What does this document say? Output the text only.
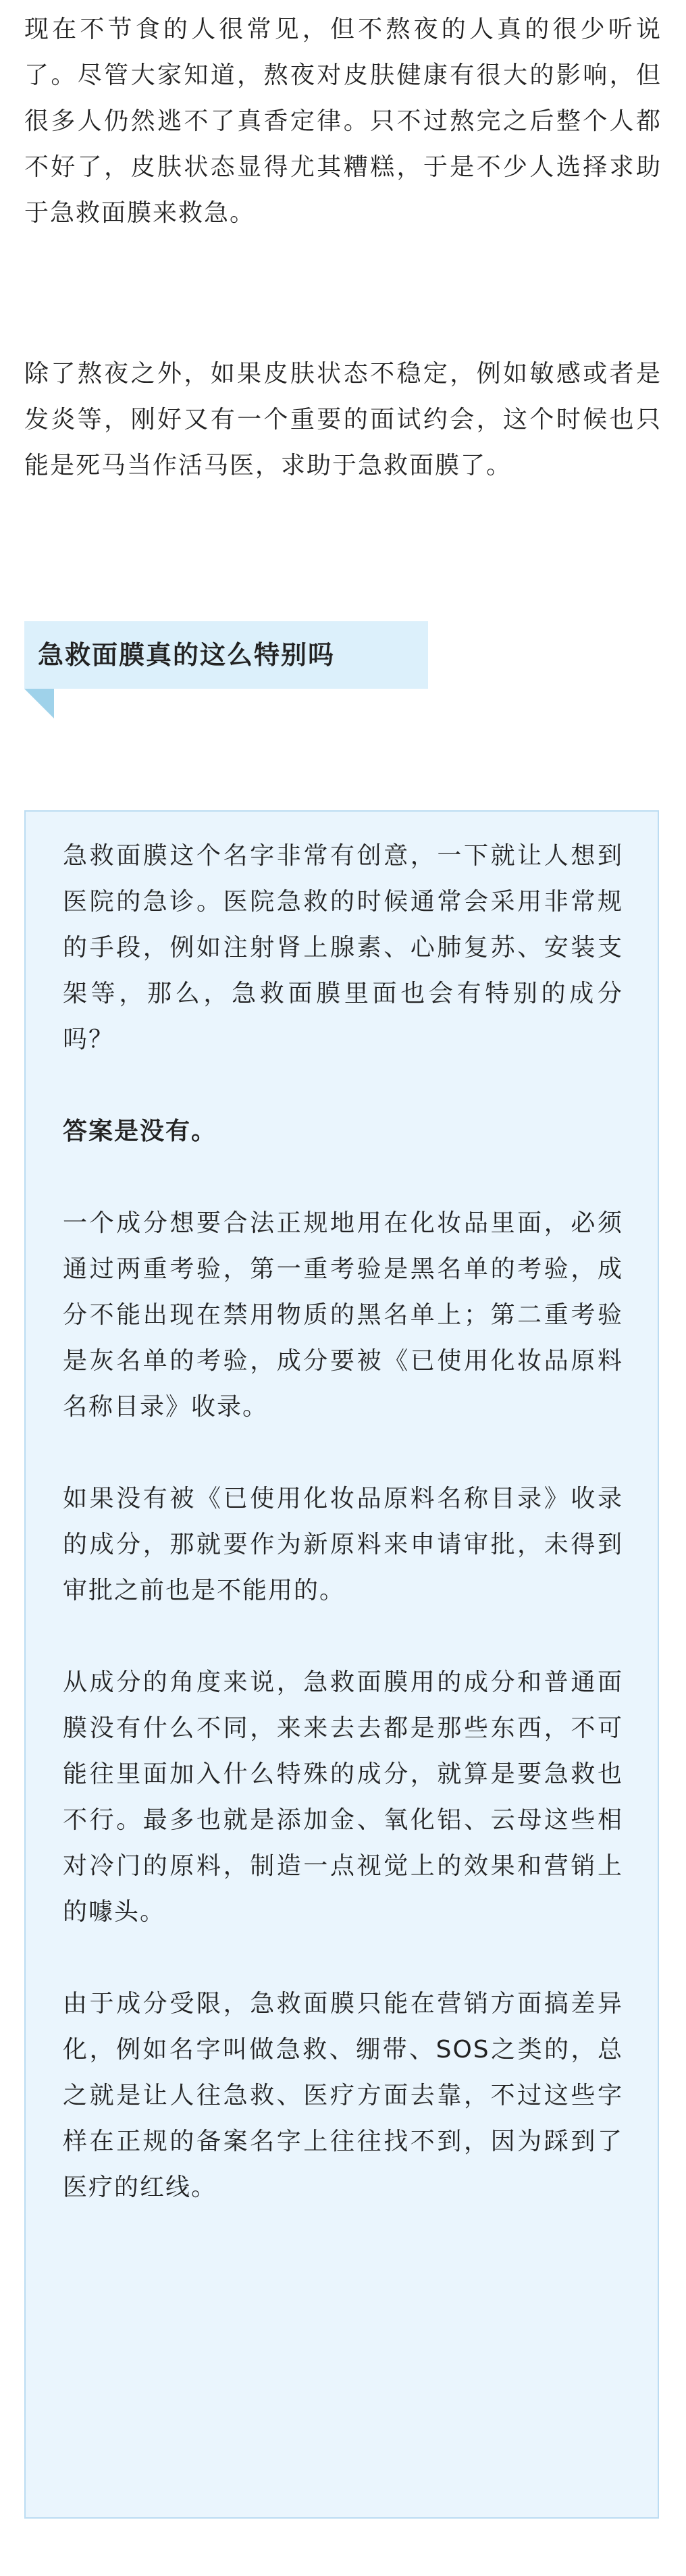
现在不节食的人很常见，但不熬夜的人真的很少听说了。尽管大家知道，熬夜对皮肤健康有很大的影响，但很多人仍然逃不了真香定律。只不过熬完之后整个人都不好了，皮肤状态显得尤其糟糕，于是不少人选择求助于急救面膜来救急。

除了熬夜之外，如果皮肤状态不稳定，例如敏感或者是发炎等，刚好又有一个重要的面试约会，这个时候也只能是死马当作活马医，求助于急救面膜了。

急救面膜真的这么特别吗

急救面膜这个名字非常有创意，一下就让人想到医院的急诊。医院急救的时候通常会采用非常规的手段，例如注射肾上腺素、心肺复苏、安装支架等，那么，急救面膜里面也会有特别的成分吗？

答案是没有。

一个成分想要合法正规地用在化妆品里面，必须通过两重考验，第一重考验是黑名单的考验，成分不能出现在禁用物质的黑名单上；第二重考验是灰名单的考验，成分要被《已使用化妆品原料名称目录》收录。

如果没有被《已使用化妆品原料名称目录》收录的成分，那就要作为新原料来申请审批，未得到审批之前也是不能用的。

从成分的角度来说，急救面膜用的成分和普通面膜没有什么不同，来来去去都是那些东西，不可能往里面加入什么特殊的成分，就算是要急救也不行。最多也就是添加金、氧化铝、云母这些相对冷门的原料，制造一点视觉上的效果和营销上的噱头。

由于成分受限，急救面膜只能在营销方面搞差异化，例如名字叫做急救、绷带、SOS之类的，总之就是让人往急救、医疗方面去靠，不过这些字样在正规的备案名字上往往找不到，因为踩到了医疗的红线。
